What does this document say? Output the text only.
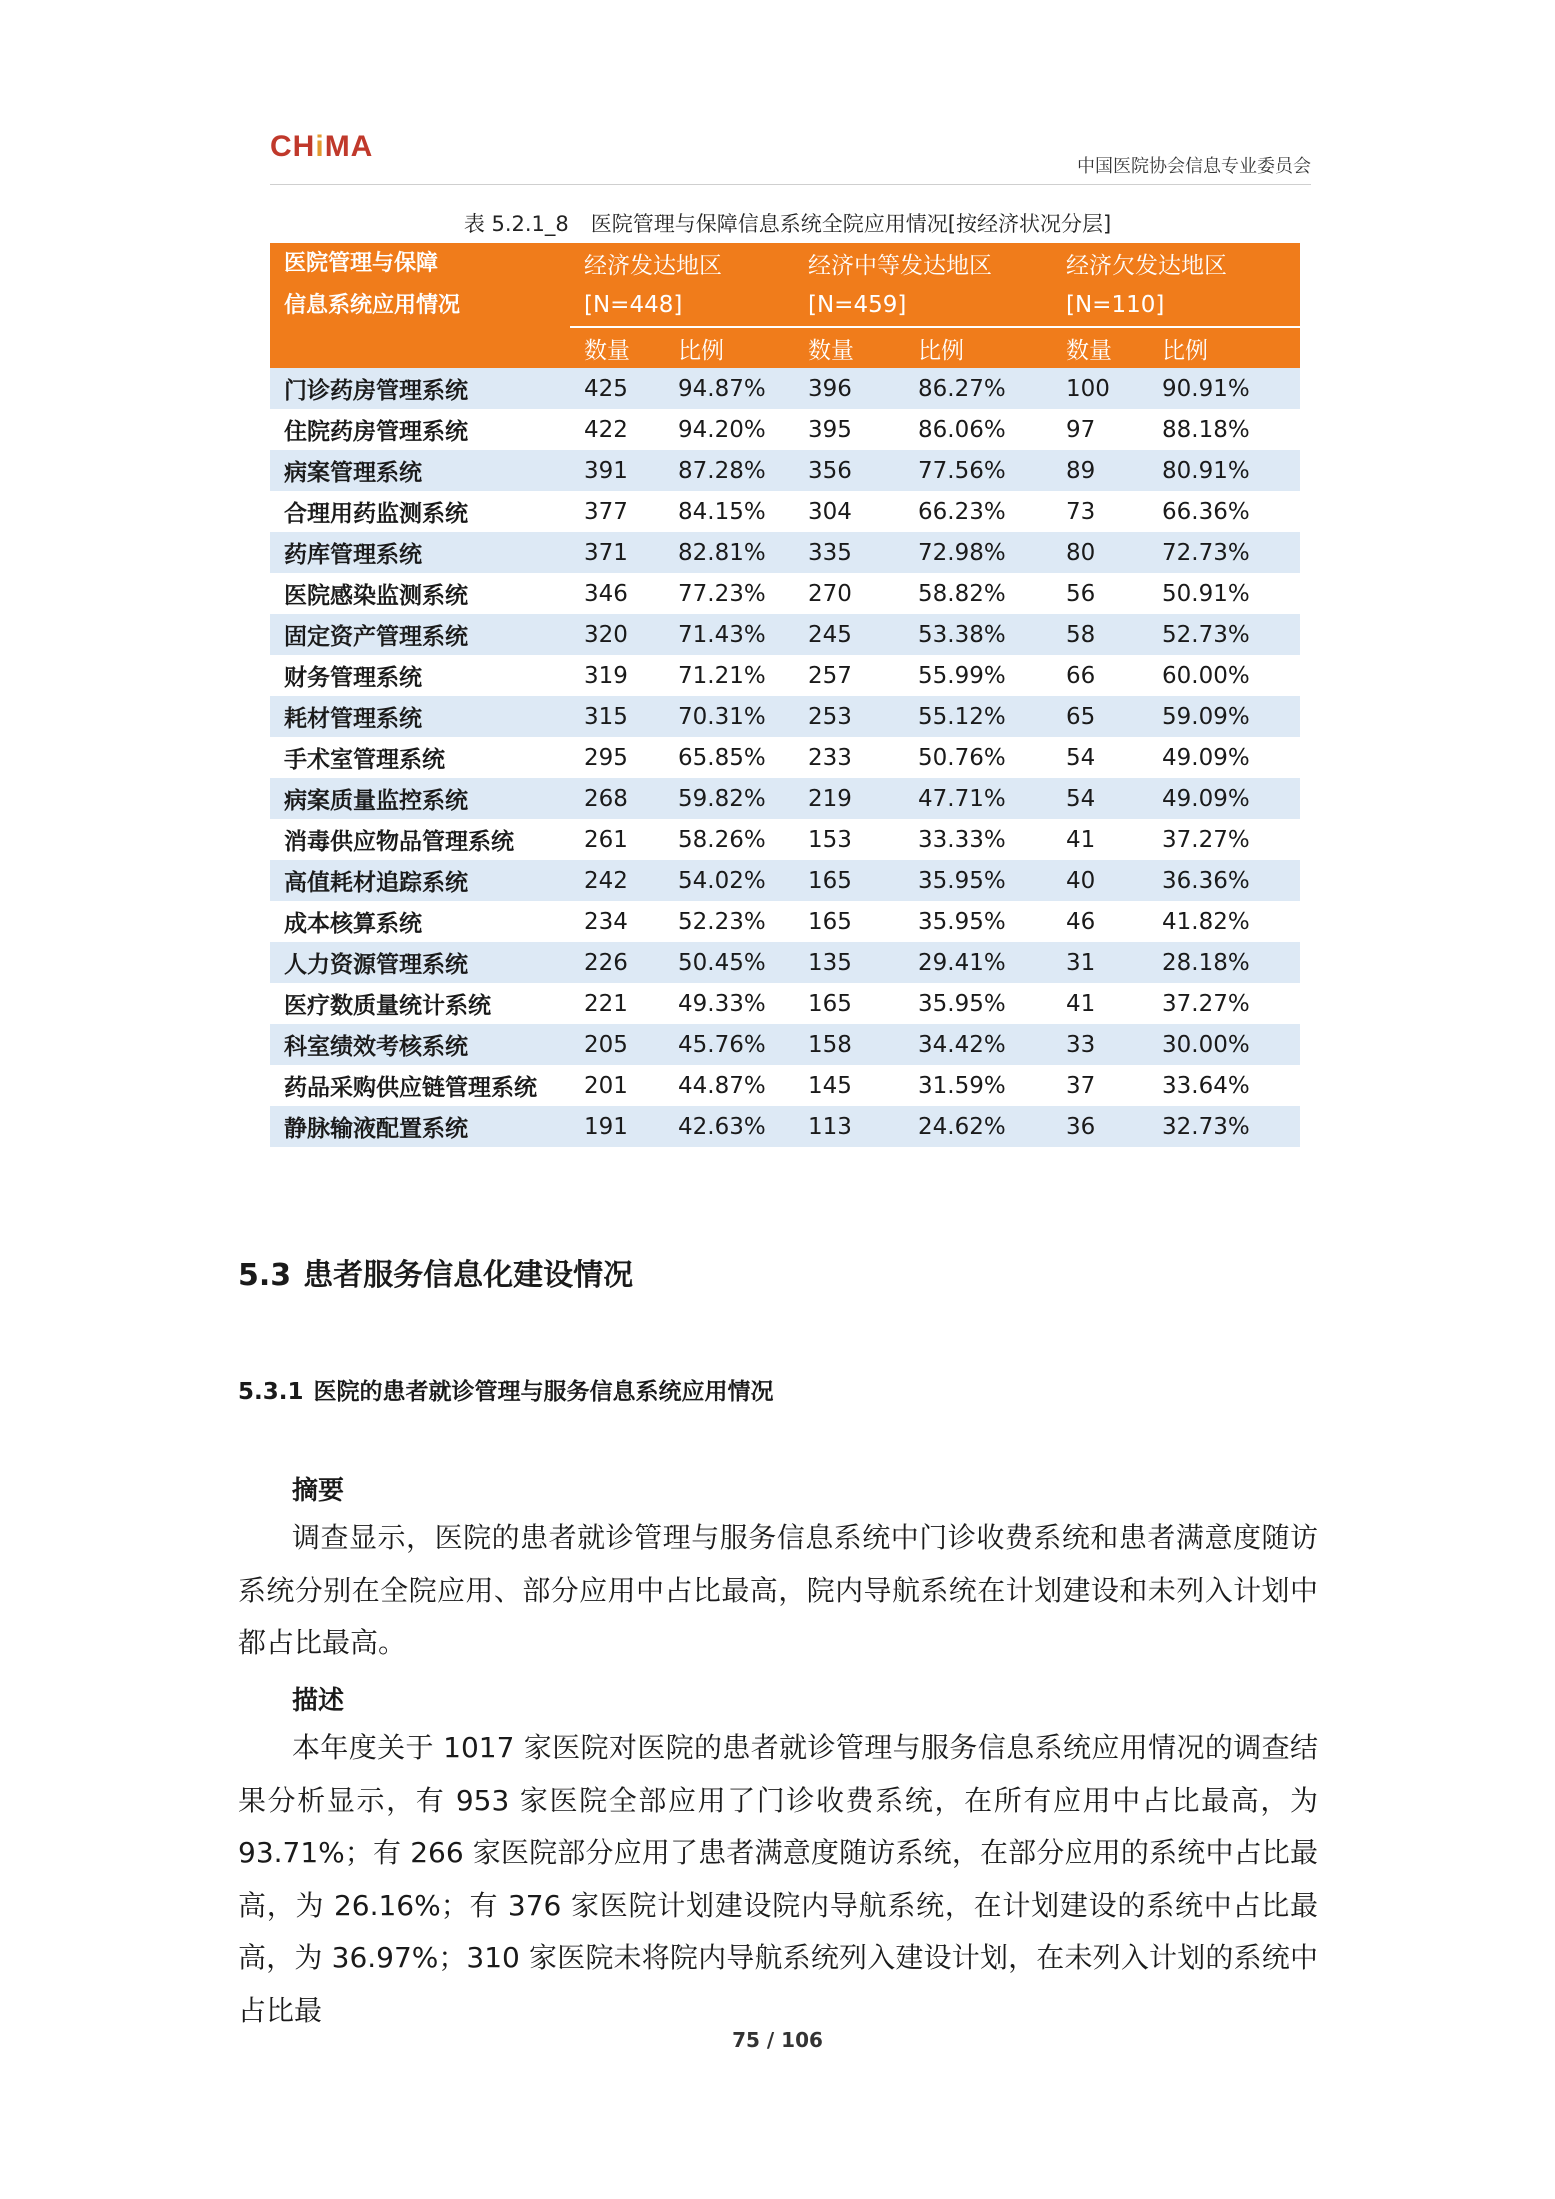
CHiMA
中国医院协会信息专业委员会
表 5.2.1_8 医院管理与保障信息系统全院应用情况[按经济状况分层]
医院管理与保障
信息系统应用情况	经济发达地区		经济中等发达地区		经济欠发达地区	
	[N=448]		[N=459]		[N=110]	
	数量	比例	数量	比例	数量	比例
门诊药房管理系统	425	94.87%	396	86.27%	100	90.91%
住院药房管理系统	422	94.20%	395	86.06%	97	88.18%
病案管理系统	391	87.28%	356	77.56%	89	80.91%
合理用药监测系统	377	84.15%	304	66.23%	73	66.36%
药库管理系统	371	82.81%	335	72.98%	80	72.73%
医院感染监测系统	346	77.23%	270	58.82%	56	50.91%
固定资产管理系统	320	71.43%	245	53.38%	58	52.73%
财务管理系统	319	71.21%	257	55.99%	66	60.00%
耗材管理系统	315	70.31%	253	55.12%	65	59.09%
手术室管理系统	295	65.85%	233	50.76%	54	49.09%
病案质量监控系统	268	59.82%	219	47.71%	54	49.09%
消毒供应物品管理系统	261	58.26%	153	33.33%	41	37.27%
高值耗材追踪系统	242	54.02%	165	35.95%	40	36.36%
成本核算系统	234	52.23%	165	35.95%	46	41.82%
人力资源管理系统	226	50.45%	135	29.41%	31	28.18%
医疗数质量统计系统	221	49.33%	165	35.95%	41	37.27%
科室绩效考核系统	205	45.76%	158	34.42%	33	30.00%
药品采购供应链管理系统	201	44.87%	145	31.59%	37	33.64%
静脉输液配置系统	191	42.63%	113	24.62%	36	32.73%
5.3 患者服务信息化建设情况
5.3.1 医院的患者就诊管理与服务信息系统应用情况
摘要
调查显示，医院的患者就诊管理与服务信息系统中门诊收费系统和患者满意度随访系统分别在全院应用、部分应用中占比最高，院内导航系统在计划建设和未列入计划中都占比最高。
描述
本年度关于 1017 家医院对医院的患者就诊管理与服务信息系统应用情况的调查结果分析显示，有 953 家医院全部应用了门诊收费系统，在所有应用中占比最高，为 93.71%；有 266 家医院部分应用了患者满意度随访系统，在部分应用的系统中占比最高，为 26.16%；有 376 家医院计划建设院内导航系统，在计划建设的系统中占比最高，为 36.97%；310 家医院未将院内导航系统列入建设计划，在未列入计划的系统中占比最
75 / 106
